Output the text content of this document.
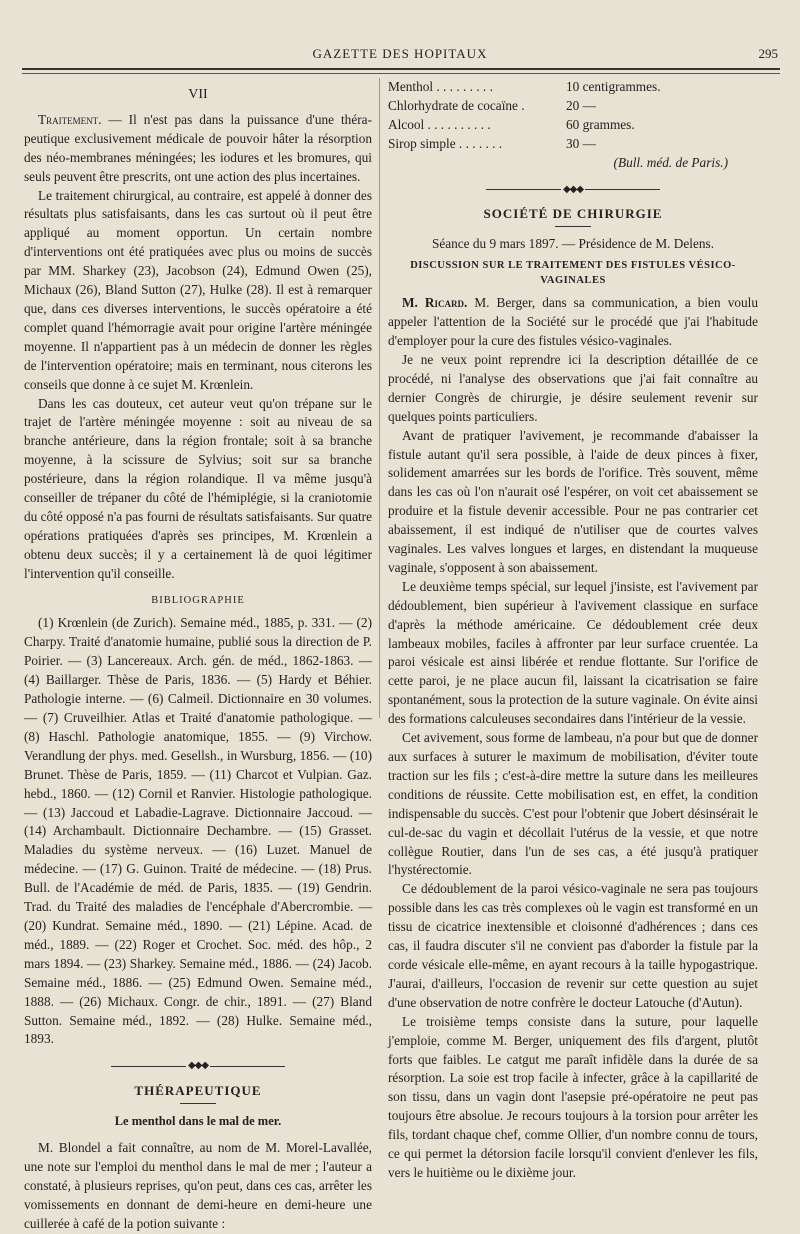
GAZETTE DES HOPITAUX	295
VII

Traitement. — Il n'est pas dans la puissance d'une thérapeutique exclusivement médicale de pouvoir hâter la résorption des néo-membranes méningées; les iodures et les bromures, qui seuls peuvent être prescrits, ont une action des plus incertaines.

Le traitement chirurgical, au contraire, est appelé à donner des résultats plus satisfaisants, dans les cas surtout où il peut être appliqué au moment opportun. Un certain nombre d'interventions ont été pratiquées avec plus ou moins de succès par MM. Sharkey (23), Jacobson (24), Edmund Owen (25), Michaux (26), Bland Sutton (27), Hulke (28). Il est à remarquer que, dans ces diverses interventions, le succès opératoire a été complet quand l'hémorragie avait pour origine l'artère méningée moyenne. Il n'appartient pas à un médecin de donner les règles de l'intervention opératoire; mais en terminant, nous citerons les conseils que donne à ce sujet M. Krœnlein.

Dans les cas douteux, cet auteur veut qu'on trépane sur le trajet de l'artère méningée moyenne : soit au niveau de sa branche antérieure, dans la région frontale; soit à sa branche moyenne, à la scissure de Sylvius; soit sur sa branche postérieure, dans la région rolandique. Il va même jusqu'à conseiller de trépaner du côté de l'hémiplégie, si la craniotomie du côté opposé n'a pas fourni de résultats satisfaisants. Sur quatre opérations pratiquées d'après ses principes, M. Krœnlein a obtenu deux succès; il y a certainement là de quoi légitimer l'intervention qu'il conseille.

BIBLIOGRAPHIE

(1) Krœnlein (de Zurich). Semaine méd., 1885, p. 331. — (2) Charpy. Traité d'anatomie humaine, publié sous la direction de P. Poirier. — (3) Lancereaux. Arch. gén. de méd., 1862-1863. — (4) Baillarger. Thèse de Paris, 1836. — (5) Hardy et Béhier. Pathologie interne. — (6) Calmeil. Dictionnaire en 30 volumes. — (7) Cruveilhier. Atlas et Traité d'anatomie pathologique. — (8) Haschl. Pathologie anatomique, 1855. — (9) Virchow. Verandlung der phys. med. Gesellsh., in Wursburg, 1856. — (10) Brunet. Thèse de Paris, 1859. — (11) Charcot et Vulpian. Gaz. hebd., 1860. — (12) Cornil et Ranvier. Histologie pathologique. — (13) Jaccoud et Labadie-Lagrave. Dictionnaire Jaccoud. — (14) Archambault. Dictionnaire Dechambre. — (15) Grasset. Maladies du système nerveux. — (16) Luzet. Manuel de médecine. — (17) G. Guinon. Traité de médecine. — (18) Prus. Bull. de l'Académie de méd. de Paris, 1835. — (19) Gendrin. Trad. du Traité des maladies de l'encéphale d'Abercrombie. — (20) Kundrat. Semaine méd., 1890. — (21) Lépine. Acad. de méd., 1889. — (22) Roger et Crochet. Soc. méd. des hôp., 2 mars 1894. — (23) Sharkey. Semaine méd., 1886. — (24) Jacob. Semaine méd., 1886. — (25) Edmund Owen. Semaine méd., 1888. — (26) Michaux. Congr. de chir., 1891. — (27) Bland Sutton. Semaine méd., 1892. — (28) Hulke. Semaine méd., 1893.

◆◆◆
THÉRAPEUTIQUE
Le menthol dans le mal de mer.

M. Blondel a fait connaître, au nom de M. Morel-Lavallée, une note sur l'emploi du menthol dans le mal de mer ; l'auteur a constaté, à plusieurs reprises, qu'on peut, dans ces cas, arrêter les vomissements en donnant de demi-heure en demi-heure une cuillerée à café de la potion suivante :

Menthol . . . . . . . . .	10 centigrammes.
Chlorhydrate de cocaïne .	20 —
Alcool . . . . . . . . . .	60 grammes.
Sirop simple . . . . . . .	30 —
(Bull. méd. de Paris.)
◆◆◆
SOCIÉTÉ DE CHIRURGIE
Séance du 9 mars 1897. — Présidence de M. Delens.
DISCUSSION SUR LE TRAITEMENT DES FISTULES VÉSICO-VAGINALES

M. Ricard. M. Berger, dans sa communication, a bien voulu appeler l'attention de la Société sur le procédé que j'ai l'habitude d'employer pour la cure des fistules vésico-vaginales.

Je ne veux point reprendre ici la description détaillée de ce procédé, ni l'analyse des observations que j'ai fait connaître au dernier Congrès de chirurgie, je désire seulement revenir sur quelques points particuliers.

Avant de pratiquer l'avivement, je recommande d'abaisser la fistule autant qu'il sera possible, à l'aide de deux pinces à fixer, solidement amarrées sur les bords de l'orifice. Très souvent, même dans les cas où l'on n'aurait osé l'espérer, on voit cet abaissement se produire et la fistule devenir accessible. Pour ne pas contrarier cet abaissement, il est indiqué de n'utiliser que de courtes valves vaginales. Les valves longues et larges, en distendant la muqueuse vaginale, s'opposent à son abaissement.

Le deuxième temps spécial, sur lequel j'insiste, est l'avivement par dédoublement, bien supérieur à l'avivement classique en surface d'après la méthode américaine. Ce dédoublement crée deux lambeaux mobiles, faciles à affronter par leur surface cruentée. La paroi vésicale est ainsi libérée et rendue flottante. Sur l'orifice de cette paroi, je ne place aucun fil, laissant la cicatrisation se faire spontanément, sous la protection de la suture vaginale. On évite ainsi des formations calculeuses secondaires dans l'intérieur de la vessie.

Cet avivement, sous forme de lambeau, n'a pour but que de donner aux surfaces à suturer le maximum de mobilisation, d'éviter toute traction sur les fils ; c'est-à-dire mettre la suture dans les meilleures conditions de réussite. Cette mobilisation est, en effet, la condition indispensable du succès. C'est pour l'obtenir que Jobert désinsérait le cul-de-sac du vagin et décollait l'utérus de la vessie, et que notre collègue Routier, dans l'un de ses cas, a été jusqu'à pratiquer l'hystérectomie.

Ce dédoublement de la paroi vésico-vaginale ne sera pas toujours possible dans les cas très complexes où le vagin est transformé en un tissu de cicatrice inextensible et cloisonné d'adhérences ; dans ces cas, il faudra discuter s'il ne convient pas d'aborder la fistule par la corde vésicale elle-même, en ayant recours à la taille hypogastrique. J'aurai, d'ailleurs, l'occasion de revenir sur cette question au sujet d'une observation de notre confrère le docteur Latouche (d'Autun).

Le troisième temps consiste dans la suture, pour laquelle j'emploie, comme M. Berger, uniquement des fils d'argent, plutôt forts que faibles. Le catgut me paraît infidèle dans la durée de sa résorption. La soie est trop facile à infecter, grâce à la capillarité de son tissu, dans un vagin dont l'asepsie pré-opératoire ne peut pas toujours être absolue. Je recours toujours à la torsion pour arrêter les fils, tordant chaque chef, comme Ollier, d'un nombre connu de tours, ce qui permet la détorsion facile lorsqu'il convient d'enlever les fils, vers le huitième ou le dixième jour.
